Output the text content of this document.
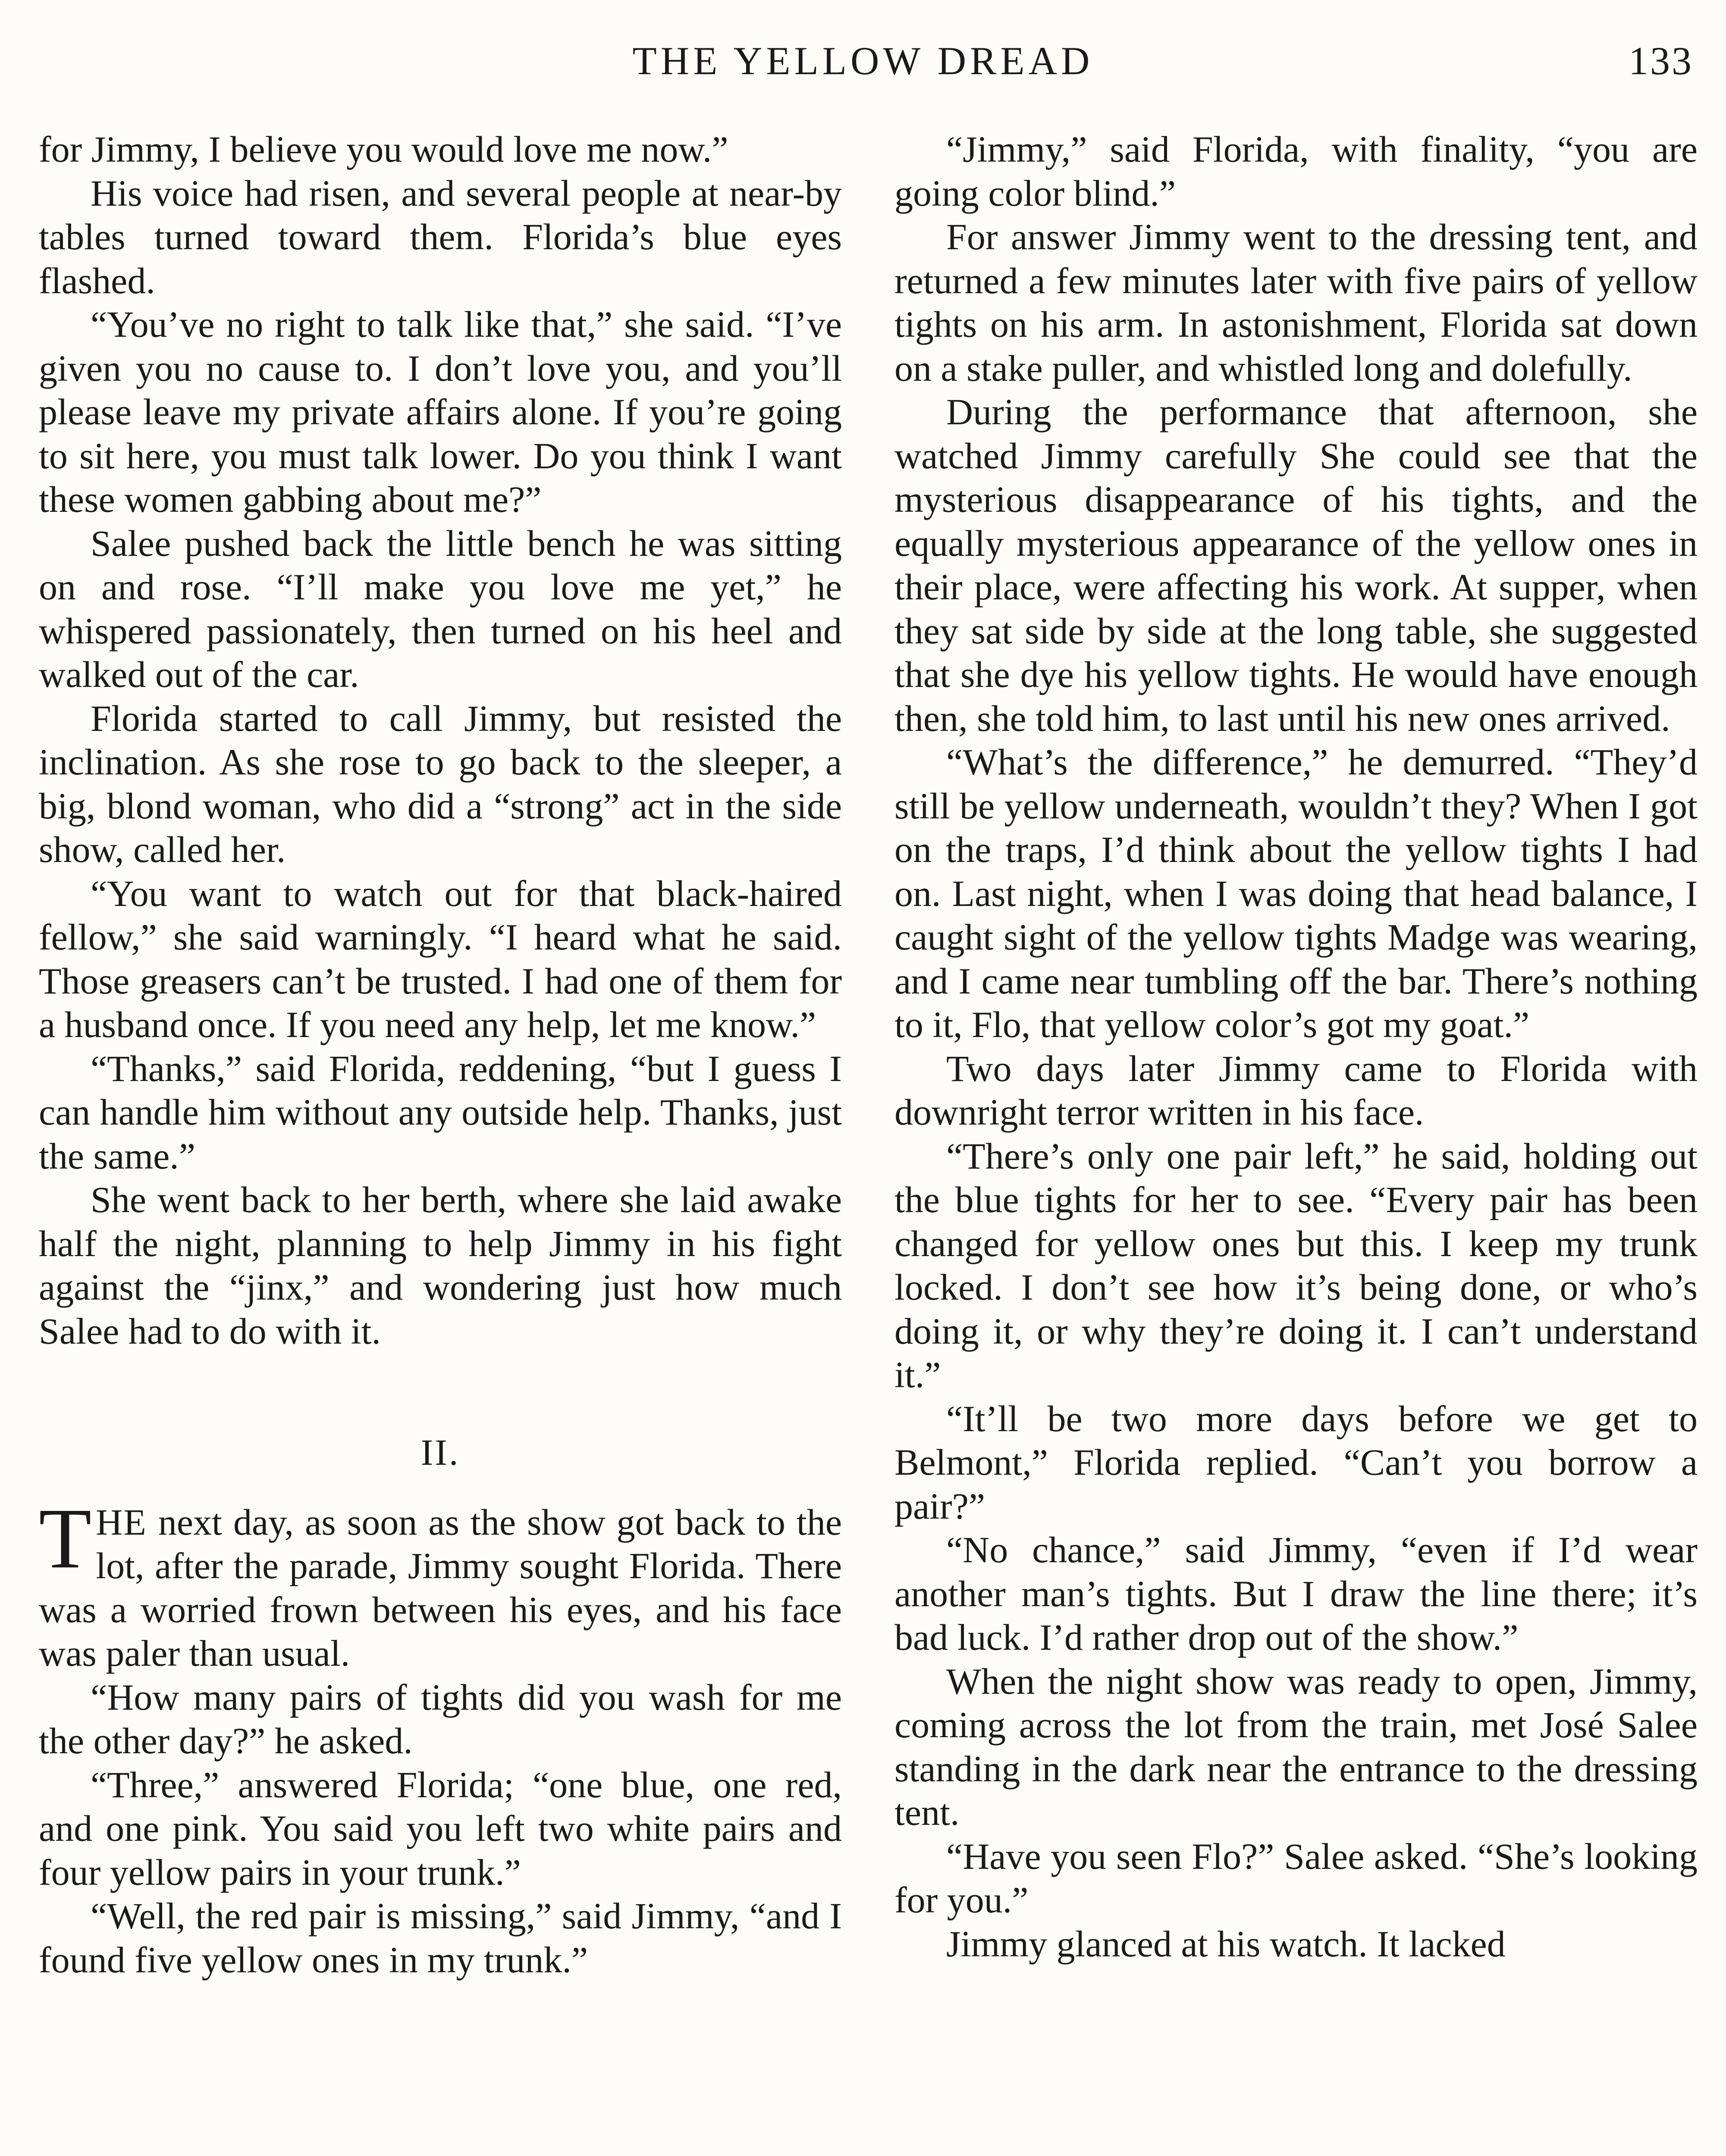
THE YELLOW DREAD	133

for Jimmy, I believe you would love me now.”

His voice had risen, and several people at near-by tables turned toward them. Florida’s blue eyes flashed.

“You’ve no right to talk like that,” she said. “I’ve given you no cause to. I don’t love you, and you’ll please leave my private affairs alone. If you’re going to sit here, you must talk lower. Do you think I want these women gabbing about me?”

Salee pushed back the little bench he was sitting on and rose. “I’ll make you love me yet,” he whispered passionately, then turned on his heel and walked out of the car.

Florida started to call Jimmy, but resisted the inclination. As she rose to go back to the sleeper, a big, blond woman, who did a “strong” act in the side show, called her.

“You want to watch out for that black-haired fellow,” she said warningly. “I heard what he said. Those greasers can’t be trusted. I had one of them for a husband once. If you need any help, let me know.”

“Thanks,” said Florida, reddening, “but I guess I can handle him without any outside help. Thanks, just the same.”

She went back to her berth, where she laid awake half the night, planning to help Jimmy in his fight against the “jinx,” and wondering just how much Salee had to do with it.

II.

THE next day, as soon as the show got back to the lot, after the parade, Jimmy sought Florida. There was a worried frown between his eyes, and his face was paler than usual.

“How many pairs of tights did you wash for me the other day?” he asked.

“Three,” answered Florida; “one blue, one red, and one pink. You said you left two white pairs and four yellow pairs in your trunk.”

“Well, the red pair is missing,” said Jimmy, “and I found five yellow ones in my trunk.”

“Jimmy,” said Florida, with finality, “you are going color blind.”

For answer Jimmy went to the dressing tent, and returned a few minutes later with five pairs of yellow tights on his arm. In astonishment, Florida sat down on a stake puller, and whistled long and dolefully.

During the performance that afternoon, she watched Jimmy carefully She could see that the mysterious disappearance of his tights, and the equally mysterious appearance of the yellow ones in their place, were affecting his work. At supper, when they sat side by side at the long table, she suggested that she dye his yellow tights. He would have enough then, she told him, to last until his new ones arrived.

“What’s the difference,” he demurred. “They’d still be yellow underneath, wouldn’t they? When I got on the traps, I’d think about the yellow tights I had on. Last night, when I was doing that head balance, I caught sight of the yellow tights Madge was wearing, and I came near tumbling off the bar. There’s nothing to it, Flo, that yellow color’s got my goat.”

Two days later Jimmy came to Florida with downright terror written in his face.

“There’s only one pair left,” he said, holding out the blue tights for her to see. “Every pair has been changed for yellow ones but this. I keep my trunk locked. I don’t see how it’s being done, or who’s doing it, or why they’re doing it. I can’t understand it.”

“It’ll be two more days before we get to Belmont,” Florida replied. “Can’t you borrow a pair?”

“No chance,” said Jimmy, “even if I’d wear another man’s tights. But I draw the line there; it’s bad luck. I’d rather drop out of the show.”

When the night show was ready to open, Jimmy, coming across the lot from the train, met José Salee standing in the dark near the entrance to the dressing tent.

“Have you seen Flo?” Salee asked. “She’s looking for you.”

Jimmy glanced at his watch. It lacked
